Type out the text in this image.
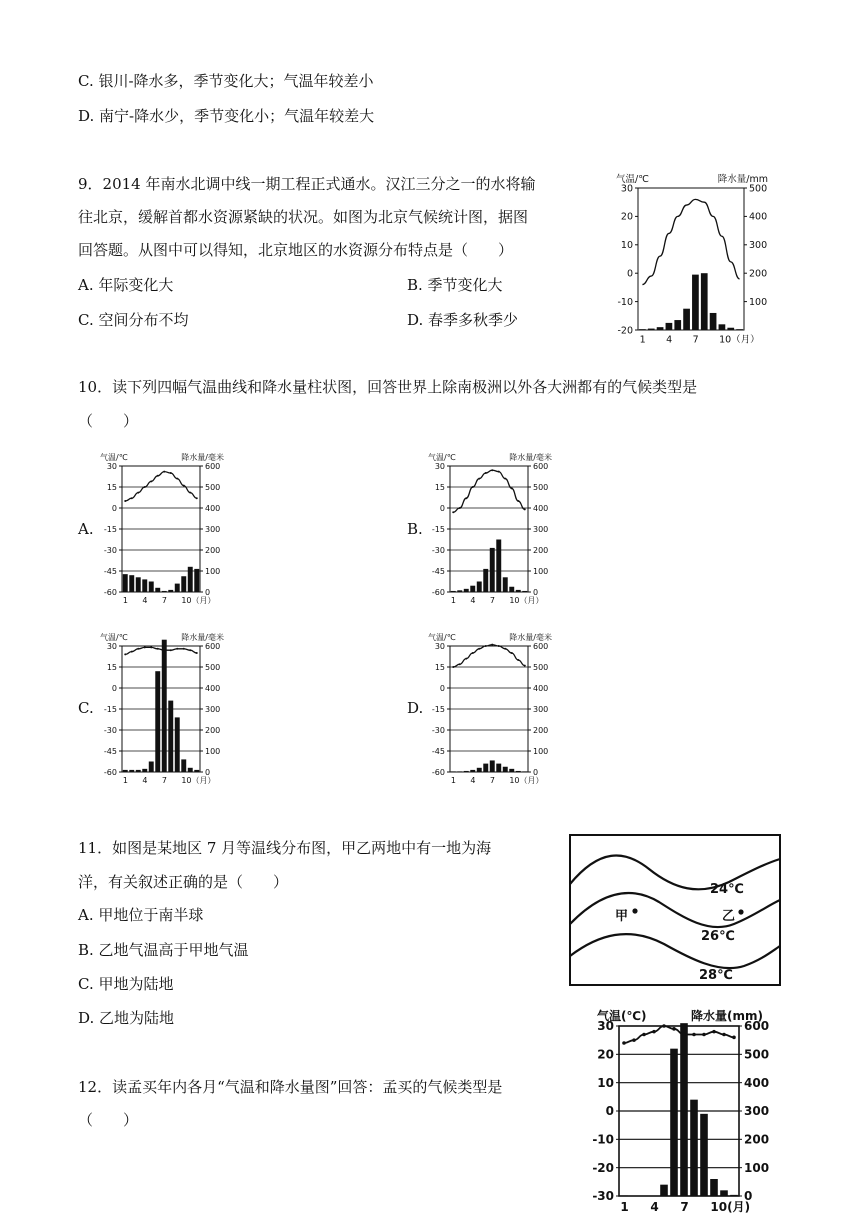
C. 银川-降水多，季节变化大；气温年较差小
D. 南宁-降水少，季节变化小；气温年较差大
9．2014 年南水北调中线一期工程正式通水。汉江三分之一的水将输
往北京，缓解首都水资源紧缺的状况。如图为北京气候统计图，据图
回答题。从图中可以得知，北京地区的水资源分布特点是（　　）
A. 年际变化大	B. 季节变化大
C. 空间分布不均	D. 春季多秋季少
气温/℃	降水量/mm
-20
-10
0
10
20
30
100
200
300
400
500
1 4 7 10（月）
10．读下列四幅气温曲线和降水量柱状图，回答世界上除南极洲以外各大洲都有的气候类型是
（　　）
A.	B.
C.	D.
气温/℃	降水量/毫米
-60
-45
-30
-15
0
15
30
0
100
200
300
400
500
600
1 4 7 10（月）
气温/℃	降水量/毫米
-60
-45
-30
-15
0
15
30
0
100
200
300
400
500
600
1 4 7 10（月）
气温/℃	降水量/毫米
-60
-45
-30
-15
0
15
30
0
100
200
300
400
500
600
1 4 7 10（月）
气温/℃	降水量/毫米
-60
-45
-30
-15
0
15
30
0
100
200
300
400
500
600
1 4 7 10（月）
11．如图是某地区 7 月等温线分布图，甲乙两地中有一地为海
洋，有关叙述正确的是（　　）
A. 甲地位于南半球
B. 乙地气温高于甲地气温
C. 甲地为陆地
D. 乙地为陆地
24℃
26℃
28℃
甲	乙
12．读孟买年内各月“气温和降水量图”回答：孟买的气候类型是
（　　）
气温(℃)	降水量(mm)
-30
-20
-10
0
10
20
30
0
100
200
300
400
500
600
1 4 7 10(月)
